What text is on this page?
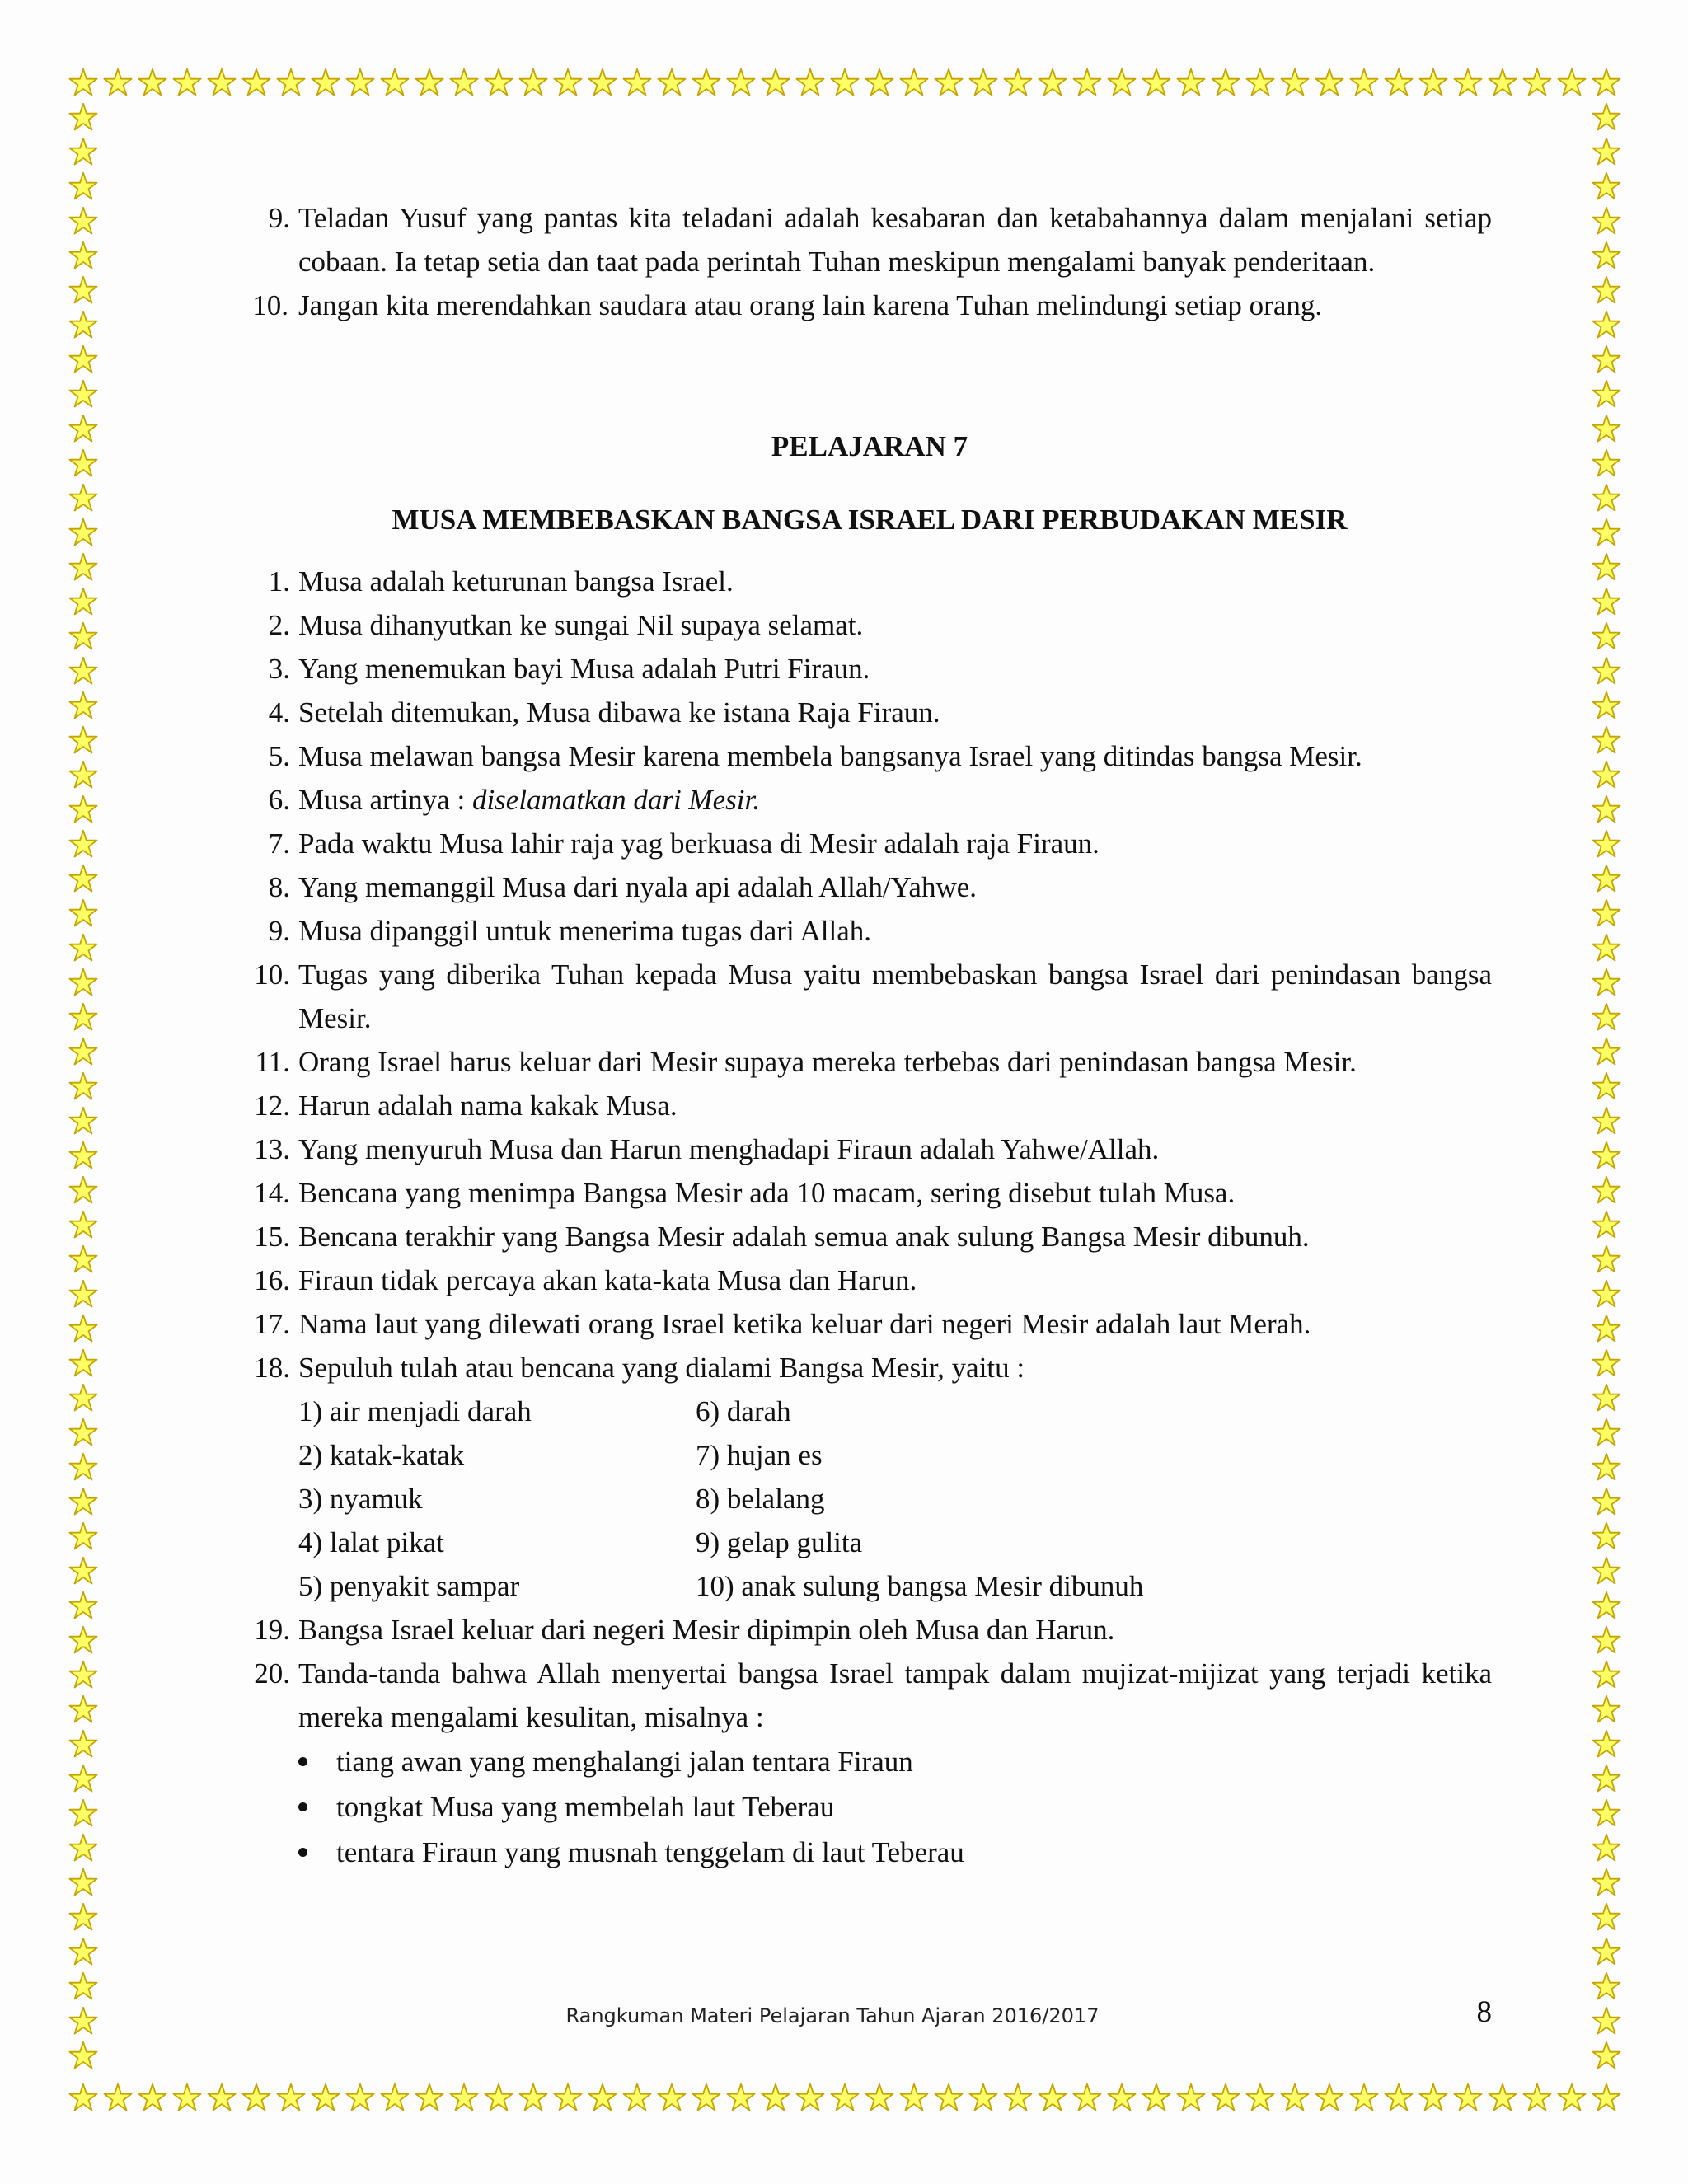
9. Teladan Yusuf yang pantas kita teladani adalah kesabaran dan ketabahannya dalam menjalani setiap cobaan. Ia tetap setia dan taat pada perintah Tuhan meskipun mengalami banyak penderitaan.
10. Jangan kita merendahkan saudara atau orang lain karena Tuhan melindungi setiap orang.
PELAJARAN 7
MUSA MEMBEBASKAN BANGSA ISRAEL DARI PERBUDAKAN MESIR
1. Musa adalah keturunan bangsa Israel.
2. Musa dihanyutkan ke sungai Nil supaya selamat.
3. Yang menemukan bayi Musa adalah Putri Firaun.
4. Setelah ditemukan, Musa dibawa ke istana Raja Firaun.
5. Musa melawan bangsa Mesir karena membela bangsanya Israel yang ditindas bangsa Mesir.
6. Musa artinya : diselamatkan dari Mesir.
7. Pada waktu Musa lahir raja yag berkuasa di Mesir adalah raja Firaun.
8. Yang memanggil Musa dari nyala api adalah Allah/Yahwe.
9. Musa dipanggil untuk menerima tugas dari Allah.
10. Tugas yang diberika Tuhan kepada Musa yaitu membebaskan bangsa Israel dari penindasan bangsa Mesir.
11. Orang Israel harus keluar dari Mesir supaya mereka terbebas dari penindasan bangsa Mesir.
12. Harun adalah nama kakak Musa.
13. Yang menyuruh Musa dan Harun menghadapi Firaun adalah Yahwe/Allah.
14. Bencana yang menimpa Bangsa Mesir ada 10 macam, sering disebut tulah Musa.
15. Bencana terakhir yang Bangsa Mesir adalah semua anak sulung Bangsa Mesir dibunuh.
16. Firaun tidak percaya akan kata-kata Musa dan Harun.
17. Nama laut yang dilewati orang Israel ketika keluar dari negeri Mesir adalah laut Merah.
18. Sepuluh tulah atau bencana yang dialami Bangsa Mesir, yaitu :
1) air menjadi darah	6) darah
2) katak-katak	7) hujan es
3) nyamuk	8) belalang
4) lalat pikat	9) gelap gulita
5) penyakit sampar	10) anak sulung bangsa Mesir dibunuh
19. Bangsa Israel keluar dari negeri Mesir dipimpin oleh Musa dan Harun.
20. Tanda-tanda bahwa Allah menyertai bangsa Israel tampak dalam mujizat-mijizat yang terjadi ketika mereka mengalami kesulitan, misalnya :
tiang awan yang menghalangi jalan tentara Firaun
tongkat Musa yang membelah laut Teberau
tentara Firaun yang musnah tenggelam di laut Teberau
Rangkuman Materi Pelajaran Tahun Ajaran 2016/2017	8
